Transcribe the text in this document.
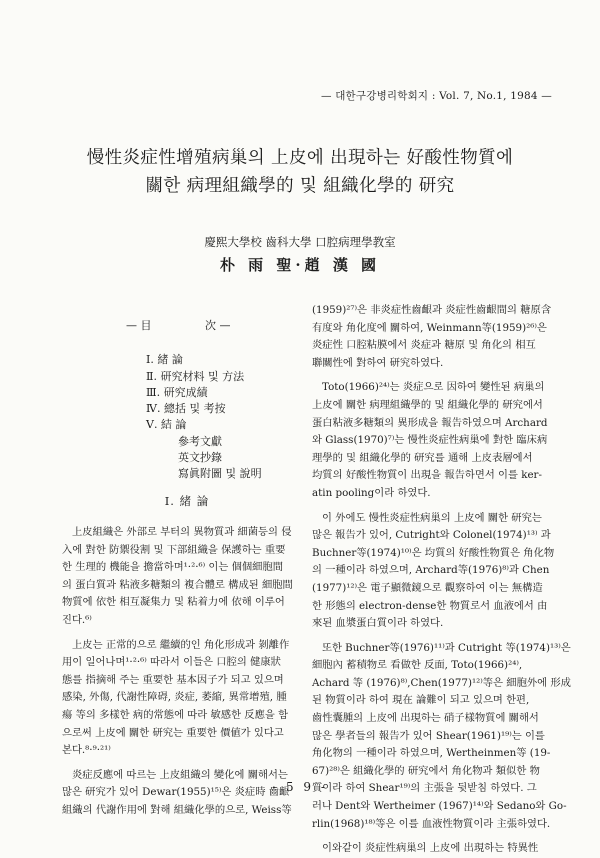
— 대한구강병리학회지 : Vol. 7, No.1, 1984 —
慢性炎症性增殖病巢의 上皮에 出現하는 好酸性物質에
關한 病理組織學的 및 組織化學的 研究
慶熙大學校 齒科大學 口腔病理學教室
朴 雨 聖·趙 漢 國
— 目	次 —
Ⅰ. 緒 論
Ⅱ. 研究材料 및 方法
Ⅲ. 研究成績
Ⅳ. 總括 및 考按
Ⅴ. 結 論
參考文獻
英文抄錄
寫眞附圖 및 說明
Ⅰ. 緒 論

上皮組織은 外部로 부터의 異物質과 細菌등의 侵

入에 對한 防禦役割 및 下部組織을 保護하는 重要

한 生理的 機能을 擔當하며¹·²·⁶⁾ 이는 個個細胞間

의 蛋白質과 粘液多糖類의 複合體로 構成된 細胞間

物質에 依한 相互凝集力 및 粘着力에 依해 이루어

진다.⁶⁾

上皮는 正常的으로 繼續的인 角化形成과 剝離作

用이 일어나며¹·²·⁶⁾ 따라서 이들은 口腔의 健康狀

態를 指摘해 주는 重要한 基本因子가 되고 있으며

感染, 外傷, 代謝性障碍, 炎症, 萎縮, 異常增殖, 腫

瘍 等의 多樣한 病的常態에 따라 敏感한 反應을 함

으로써 上皮에 關한 研究는 重要한 價値가 있다고

본다.⁸·⁹·²¹⁾

炎症反應에 따르는 上皮組織의 變化에 關해서는

많은 研究가 있어 Dewar(1955)¹⁵⁾은 炎症時 齒齦

組織의 代謝作用에 對해 組織化學的으로, Weiss等

(1959)²⁷⁾은 非炎症性齒齦과 炎症性齒齦間의 糖原含

有度와 角化度에 關하여, Weinmann等(1959)²⁶⁾은

炎症性 口腔粘膜에서 炎症과 糖原 및 角化의 相互

聯關性에 對하여 研究하였다.

Toto(1966)²⁴⁾는 炎症으로 因하여 變性된 病巢의

上皮에 關한 病理組織學的 및 組織化學的 研究에서

蛋白粘液多糖類의 異形成을 報告하였으며 Archard

와 Glass(1970)⁷⁾는 慢性炎症性病巢에 對한 臨床病

理學的 및 組織化學的 研究를 通해 上皮表層에서

均質의 好酸性物質이 出現을 報告하면서 이를 ker-

atin pooling이라 하였다.

이 外에도 慢性炎症性病巢의 上皮에 關한 研究는

많은 報告가 있어, Cutright와 Colonel(1974)¹³⁾ 과

Buchner等(1974)¹⁰⁾은 均質의 好酸性物質은 角化物

의 一種이라 하였으며, Archard等(1976)⁸⁾과 Chen

(1977)¹²⁾은 電子顯微鏡으로 觀察하여 이는 無構造

한 形態의 electron-dense한 物質로서 血液에서 由

來된 血漿蛋白質이라 하였다.

또한 Buchner等(1976)¹¹⁾과 Cutright 等(1974)¹³⁾은

細胞內 蓄積物로 看做한 反面, Toto(1966)²⁴⁾,

Achard 等 (1976)⁸⁾,Chen(1977)¹²⁾等은 細胞外에 形成

된 物質이라 하여 現在 論難이 되고 있으며 한편,

齒性囊腫의 上皮에 出現하는 硝子樣物質에 關해서

많은 學者들의 報告가 있어 Shear(1961)¹⁹⁾는 이를

角化物의 一種이라 하였으며, Wertheinmen等 (19-

67)²⁸⁾은 組織化學的 研究에서 角化物과 類似한 物

質이라 하여 Shear¹⁹⁾의 主張을 뒷받침 하였다. 그

러나 Dent와 Wertheimer (1967)¹⁴⁾와 Sedano와 Go-

rlin(1968)¹⁸⁾等은 이를 血液性物質이라 主張하였다.

이와같이 炎症性病巢의 上皮에 出現하는 特異性

- 5 9 -
